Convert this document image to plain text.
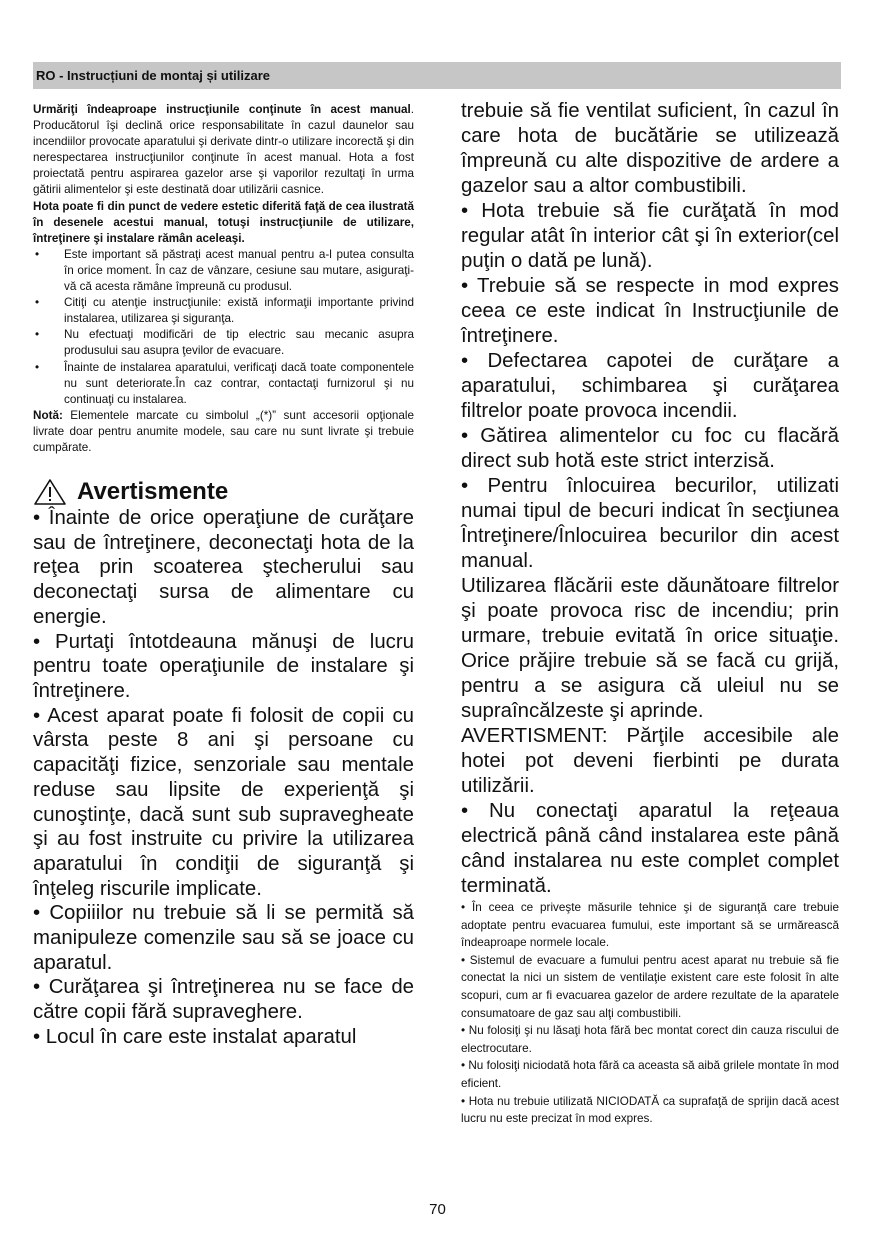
RO - Instrucțiuni de montaj și utilizare

Urmăriţi îndeaproape instrucţiunile conţinute în acest manual. Producătorul îşi declină orice responsabilitate în cazul daunelor sau incendiilor provocate aparatului şi derivate dintr-o utilizare incorectă şi din nerespectarea instrucţiunilor conţinute în acest manual. Hota a fost proiectată pentru aspirarea gazelor arse şi vaporilor rezultaţi în urma gătirii alimentelor şi este destinată doar utilizării casnice.

Hota poate fi din punct de vedere estetic diferită faţă de cea ilustrată în desenele acestui manual, totuşi instrucţiunile de utilizare, întreţinere şi instalare rămân aceleaşi.

• Este important să păstraţi acest manual pentru a-l putea consulta în orice moment. În caz de vânzare, cesiune sau mutare, asiguraţi-vă că acesta rămâne împreună cu produsul.
• Citiţi cu atenţie instrucţiunile: există informaţii importante privind instalarea, utilizarea şi siguranţa.
• Nu efectuaţi modificări de tip electric sau mecanic asupra produsului sau asupra ţevilor de evacuare.
• Înainte de instalarea aparatului, verificaţi dacă toate componentele nu sunt deteriorate.În caz contrar, contactaţi furnizorul şi nu continuaţi cu instalarea.

Notă: Elementele marcate cu simbolul „(*)” sunt accesorii opţionale livrate doar pentru anumite modele, sau care nu sunt livrate şi trebuie cumpărate.

Avertismente

• Înainte de orice operaţiune de curăţare sau de întreţinere, deconectaţi hota de la reţea prin scoaterea ştecherului sau deconectaţi sursa de alimentare cu energie.

• Purtaţi întotdeauna mănuşi de lucru pentru toate operaţiunile de instalare şi întreţinere.

• Acest aparat poate fi folosit de copii cu vârsta peste 8 ani şi persoane cu capacităţi fizice, senzoriale sau mentale reduse sau lipsite de experienţă şi cunoştinţe, dacă sunt sub supravegheate şi au fost instruite cu privire la utilizarea aparatului în condiţii de siguranţă şi înţeleg riscurile implicate.

• Copiiilor nu trebuie să li se permită să manipuleze comenzile sau să se joace cu aparatul.

• Curăţarea şi întreţinerea nu se face de către copii fără supraveghere.

• Locul în care este instalat aparatul

trebuie să fie ventilat suficient, în cazul în care hota de bucătărie se utilizează împreună cu alte dispozitive de ardere a gazelor sau a altor combustibili.

• Hota trebuie să fie curăţată în mod regular atât în interior cât şi în exterior(cel puţin o dată pe lună).

• Trebuie să se respecte in mod expres ceea ce este indicat în Instrucţiunile de întreţinere.

• Defectarea capotei de curăţare a aparatului, schimbarea şi curăţarea filtrelor poate provoca incendii.

• Gătirea alimentelor cu foc cu flacără direct sub hotă este strict interzisă.

• Pentru înlocuirea becurilor, utilizati numai tipul de becuri indicat în secţiunea Întreţinere/Înlocuirea becurilor din acest manual.

Utilizarea flăcării este dăunătoare filtrelor şi poate provoca risc de incendiu; prin urmare, trebuie evitată în orice situaţie. Orice prăjire trebuie să se facă cu grijă, pentru a se asigura că uleiul nu se supraîncălzeste şi aprinde.

AVERTISMENT: Părţile accesibile ale hotei pot deveni fierbinti pe durata utilizării.

• Nu conectaţi aparatul la reţeaua electrică până când instalarea este până când instalarea nu este complet complet terminată.

• În ceea ce priveşte măsurile tehnice şi de siguranţă care trebuie adoptate pentru evacuarea fumului, este important să se urmărească îndeaproape normele locale.

• Sistemul de evacuare a fumului pentru acest aparat nu trebuie să fie conectat la nici un sistem de ventilaţie existent care este folosit în alte scopuri, cum ar fi evacuarea gazelor de ardere rezultate de la aparatele consumatoare de gaz sau alţi combustibili.

• Nu folosiţi şi nu lăsaţi hota fără bec montat corect din cauza riscului de electrocutare.

• Nu folosiţi niciodată hota fără ca aceasta să aibă grilele montate în mod eficient.

• Hota nu trebuie utilizată NICIODATĂ ca suprafaţă de sprijin dacă acest lucru nu este precizat în mod expres.

70
